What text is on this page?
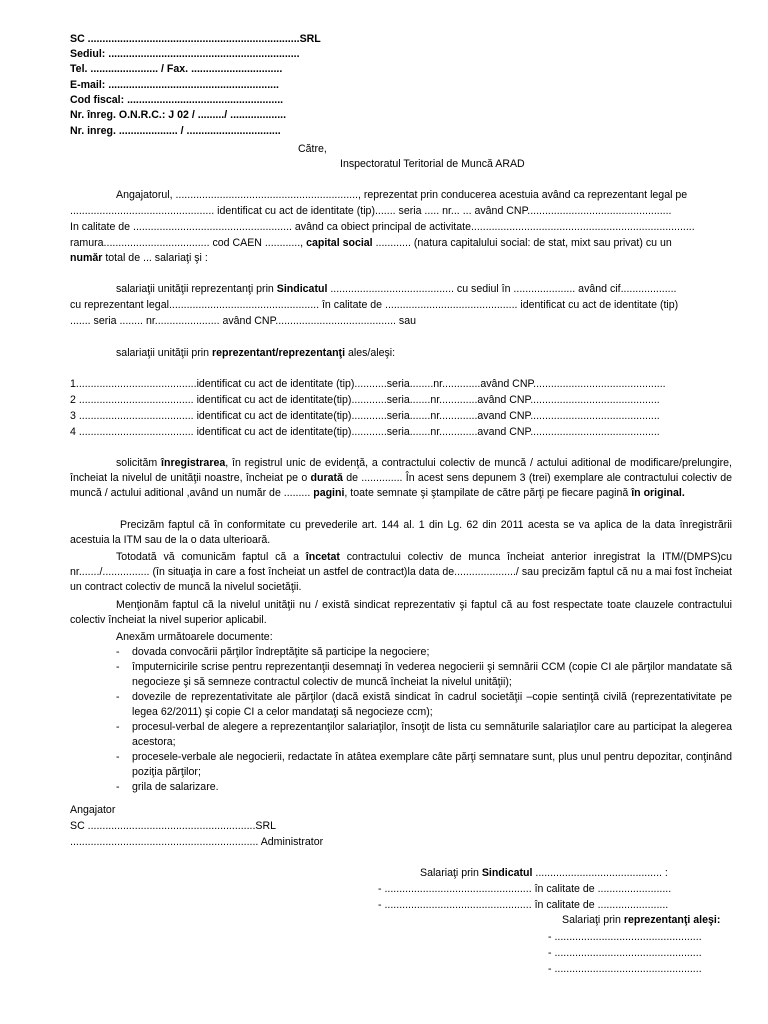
SC ........................................................................SRL
Sediul: .................................................................
Tel. ....................... / Fax. ...............................
E-mail: ..........................................................
Cod fiscal: .....................................................
Nr. înreg. O.N.R.C.: J 02 / ........./ ...................
Nr. inreg. .................... / ................................
Către,
Inspectoratul Teritorial de Muncă ARAD
Angajatorul, .............................................................., reprezentat prin conducerea acestuia având ca reprezentant legal pe
................................................. identificat cu act de identitate (tip)....... seria ..... nr... ... având CNP.................................................
In calitate de ...................................................... având ca obiect principal de activitate............................................................................
ramura.................................... cod CAEN ............, capital social ............ (natura capitalului social: de stat, mixt sau privat) cu un
număr total de ... salariaţi şi :
salariaţii unităţii reprezentanţi prin Sindicatul .......................................... cu sediul în ..................... având cif...................
cu reprezentant legal................................................... în calitate de ............................................. identificat cu act de identitate (tip)
....... seria ........ nr...................... având CNP......................................... sau
salariaţii unităţii prin reprezentant/reprezentanţi ales/aleşi:
1.........................................identificat cu act de identitate (tip)...........seria........nr.............având CNP.............................................
2 ....................................... identificat cu act de identitate(tip)............seria.......nr.............având CNP............................................
3 ....................................... identificat cu act de identitate(tip)............seria.......nr.............avand CNP............................................
4 ....................................... identificat cu act de identitate(tip)............seria.......nr.............avand CNP............................................
solicităm înregistrarea, în registrul unic de evidenţă, a contractului colectiv de muncă / actului aditional de modificare/prelungire, încheiat la nivelul de unităţii noastre, încheiat pe o durată de .............. În acest sens depunem 3 (trei) exemplare ale contractului colectiv de muncă / actului aditional ,având un număr de ......... pagini, toate semnate şi ştampilate de către părţi pe fiecare pagină în original.
Precizăm faptul că în conformitate cu prevederile art. 144 al. 1 din Lg. 62 din 2011 acesta se va aplica de la data înregistrării acestuia la ITM sau de la o data ulterioară.
Totodată vă comunicăm faptul că a încetat contractului colectiv de munca încheiat anterior inregistrat la ITM/(DMPS)cu nr......./................ (în situaţia in care a fost încheiat un astfel de contract)la data de...................../ sau precizăm faptul că nu a mai fost încheiat un contract colectiv de muncă la nivelul societăţii.
Menţionăm faptul că la nivelul unităţii nu / există sindicat reprezentativ şi faptul că au fost respectate toate clauzele contractului colectiv încheiat la nivel superior aplicabil.
Anexăm următoarele documente:
- dovada convocării părţilor îndreptăţite să participe la negociere;
- împuternicirile scrise pentru reprezentanţii desemnaţi în vederea negocierii şi semnării CCM (copie CI ale părţilor mandatate să negocieze şi să semneze contractul colectiv de muncă încheiat la nivelul unităţii);
- dovezile de reprezentativitate ale părţilor (dacă există sindicat în cadrul societăţii –copie sentinţă civilă (reprezentativitate pe legea 62/2011) şi copie CI a celor mandataţi să negocieze ccm);
- procesul-verbal de alegere a reprezentanţilor salariaţilor, însoţit de lista cu semnăturile salariaţilor care au participat la alegerea acestora;
- procesele-verbale ale negocierii, redactate în atâtea exemplare câte părţi semnatare sunt, plus unul pentru depozitar, conţinând poziţia părţilor;
- grila de salarizare.
Angajator
SC .........................................................SRL
................................................................ Administrator
Salariaţi prin Sindicatul ........................................... :
- .................................................. în calitate de .........................
- .................................................. în calitate de ........................
Salariaţi prin reprezentanţi aleşi:
- ..................................................
- ..................................................
- ..................................................
